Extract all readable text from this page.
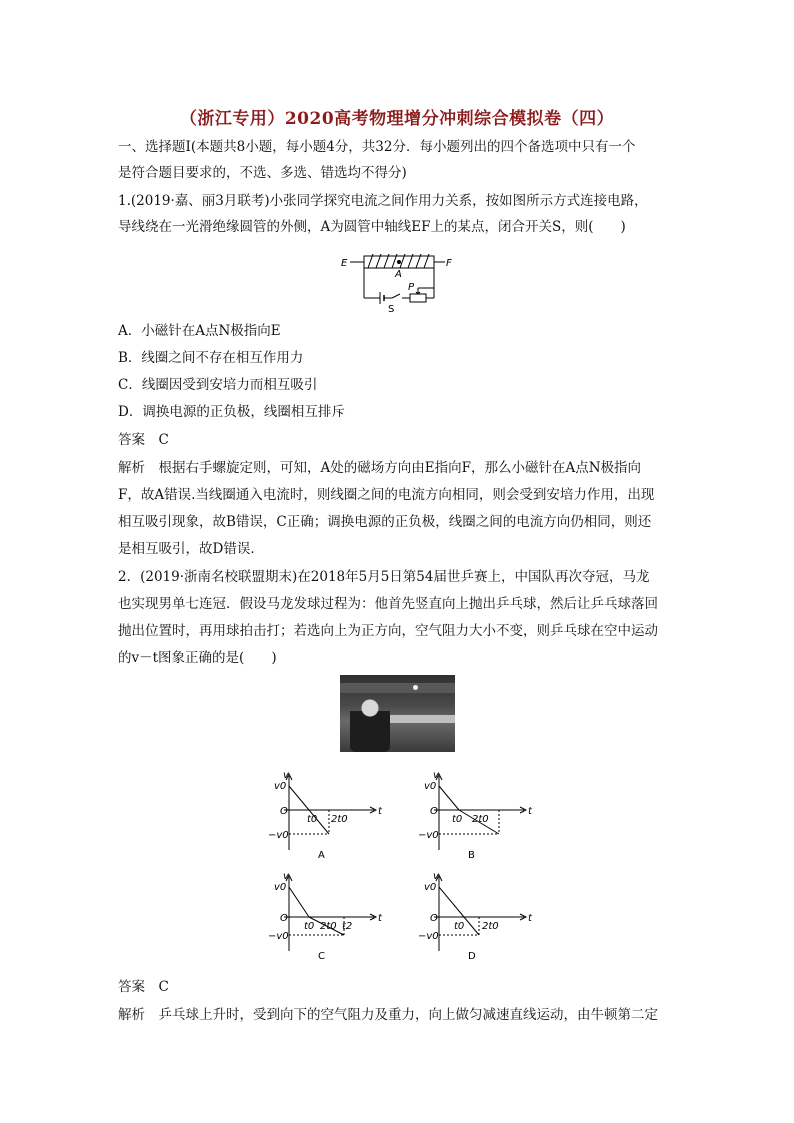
（浙江专用）2020高考物理增分冲刺综合模拟卷（四）
一、选择题Ⅰ(本题共8小题，每小题4分，共32分．每小题列出的四个备选项中只有一个
是符合题目要求的，不选、多选、错选均不得分)
1.(2019·嘉、丽3月联考)小张同学探究电流之间作用力关系，按如图所示方式连接电路，
导线绕在一光滑绝缘圆管的外侧，A为圆管中轴线EF上的某点，闭合开关S，则(　　)
E	F
A
P
S
A．小磁针在A点N极指向E
B．线圈之间不存在相互作用力
C．线圈因受到安培力而相互吸引
D．调换电源的正负极，线圈相互排斥
答案　C
解析　根据右手螺旋定则，可知，A处的磁场方向由E指向F，那么小磁针在A点N极指向
F，故A错误.当线圈通入电流时，则线圈之间的电流方向相同，则会受到安培力作用，出现
相互吸引现象，故B错误，C正确；调换电源的正负极，线圈之间的电流方向仍相同，则还
是相互吸引，故D错误．
2．(2019·浙南名校联盟期末)在2018年5月5日第54届世乒赛上，中国队再次夺冠，马龙
也实现男单七连冠．假设马龙发球过程为：他首先竖直向上抛出乒乓球，然后让乒乓球落回
抛出位置时，再用球拍击打；若选向上为正方向，空气阻力大小不变，则乒乓球在空中运动
的v－t图象正确的是(　　)
v
v0
O
−v0
t0 2t0
t
A
v
v0
O
−v0
t0 2t0
t
B
v
v0
O
−v0
t0 2t0 t2
t
C
v
v0
O
−v0
t0 2t0
t
D
答案　C
解析　乒乓球上升时，受到向下的空气阻力及重力，向上做匀减速直线运动，由牛顿第二定
